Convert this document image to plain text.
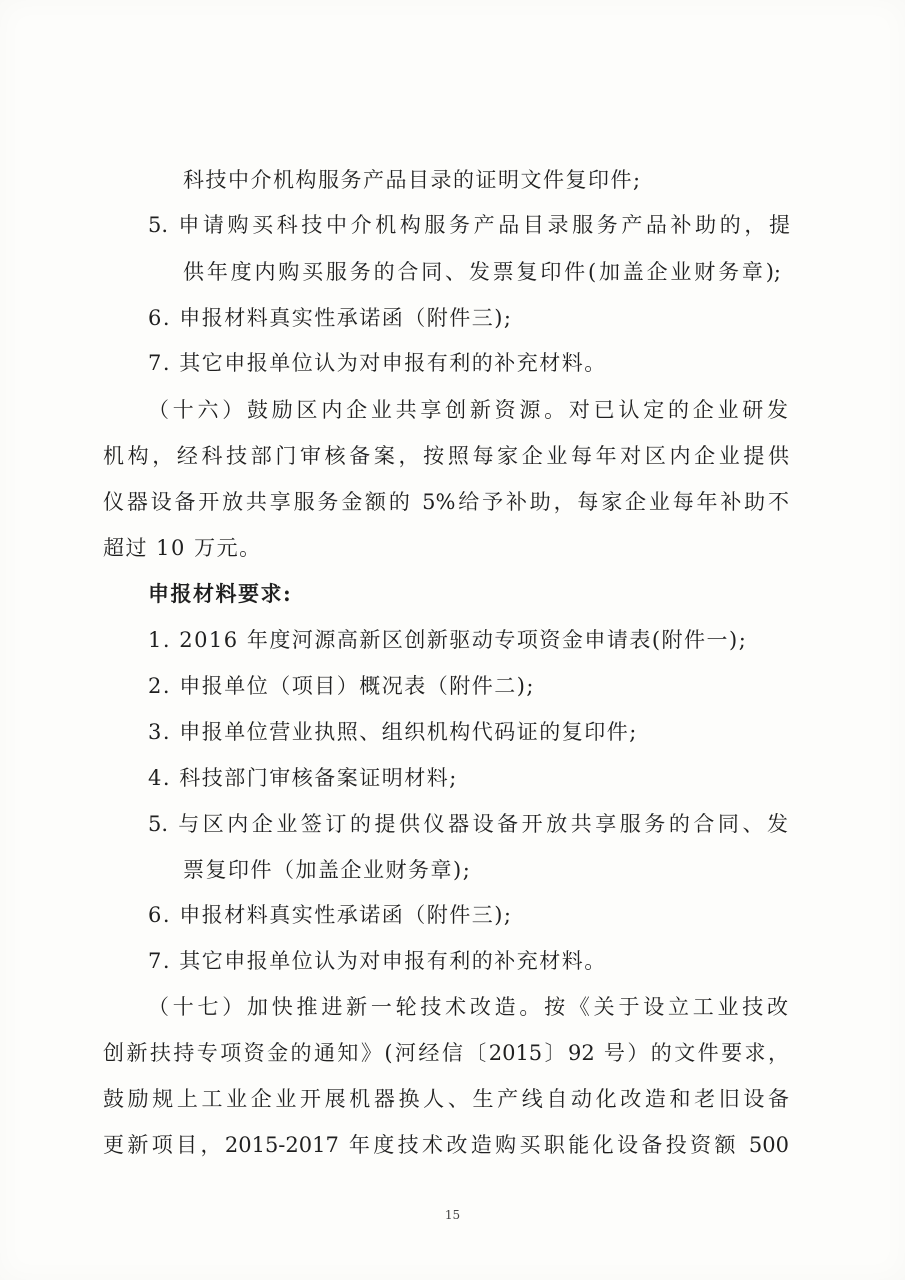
科技中介机构服务产品目录的证明文件复印件;
5. 申请购买科技中介机构服务产品目录服务产品补助的，提
供年度内购买服务的合同、发票复印件(加盖企业财务章);
6. 申报材料真实性承诺函（附件三);
7. 其它申报单位认为对申报有利的补充材料。
（十六）鼓励区内企业共享创新资源。对已认定的企业研发
机构，经科技部门审核备案，按照每家企业每年对区内企业提供
仪器设备开放共享服务金额的 5%给予补助，每家企业每年补助不
超过 10 万元。
申报材料要求:
1. 2016 年度河源高新区创新驱动专项资金申请表(附件一);
2. 申报单位（项目）概况表（附件二);
3. 申报单位营业执照、组织机构代码证的复印件;
4. 科技部门审核备案证明材料;
5. 与区内企业签订的提供仪器设备开放共享服务的合同、发
票复印件（加盖企业财务章);
6. 申报材料真实性承诺函（附件三);
7. 其它申报单位认为对申报有利的补充材料。
（十七）加快推进新一轮技术改造。按《关于设立工业技改
创新扶持专项资金的通知》(河经信〔2015〕92 号）的文件要求，
鼓励规上工业企业开展机器换人、生产线自动化改造和老旧设备
更新项目，2015-2017 年度技术改造购买职能化设备投资额 500
15
